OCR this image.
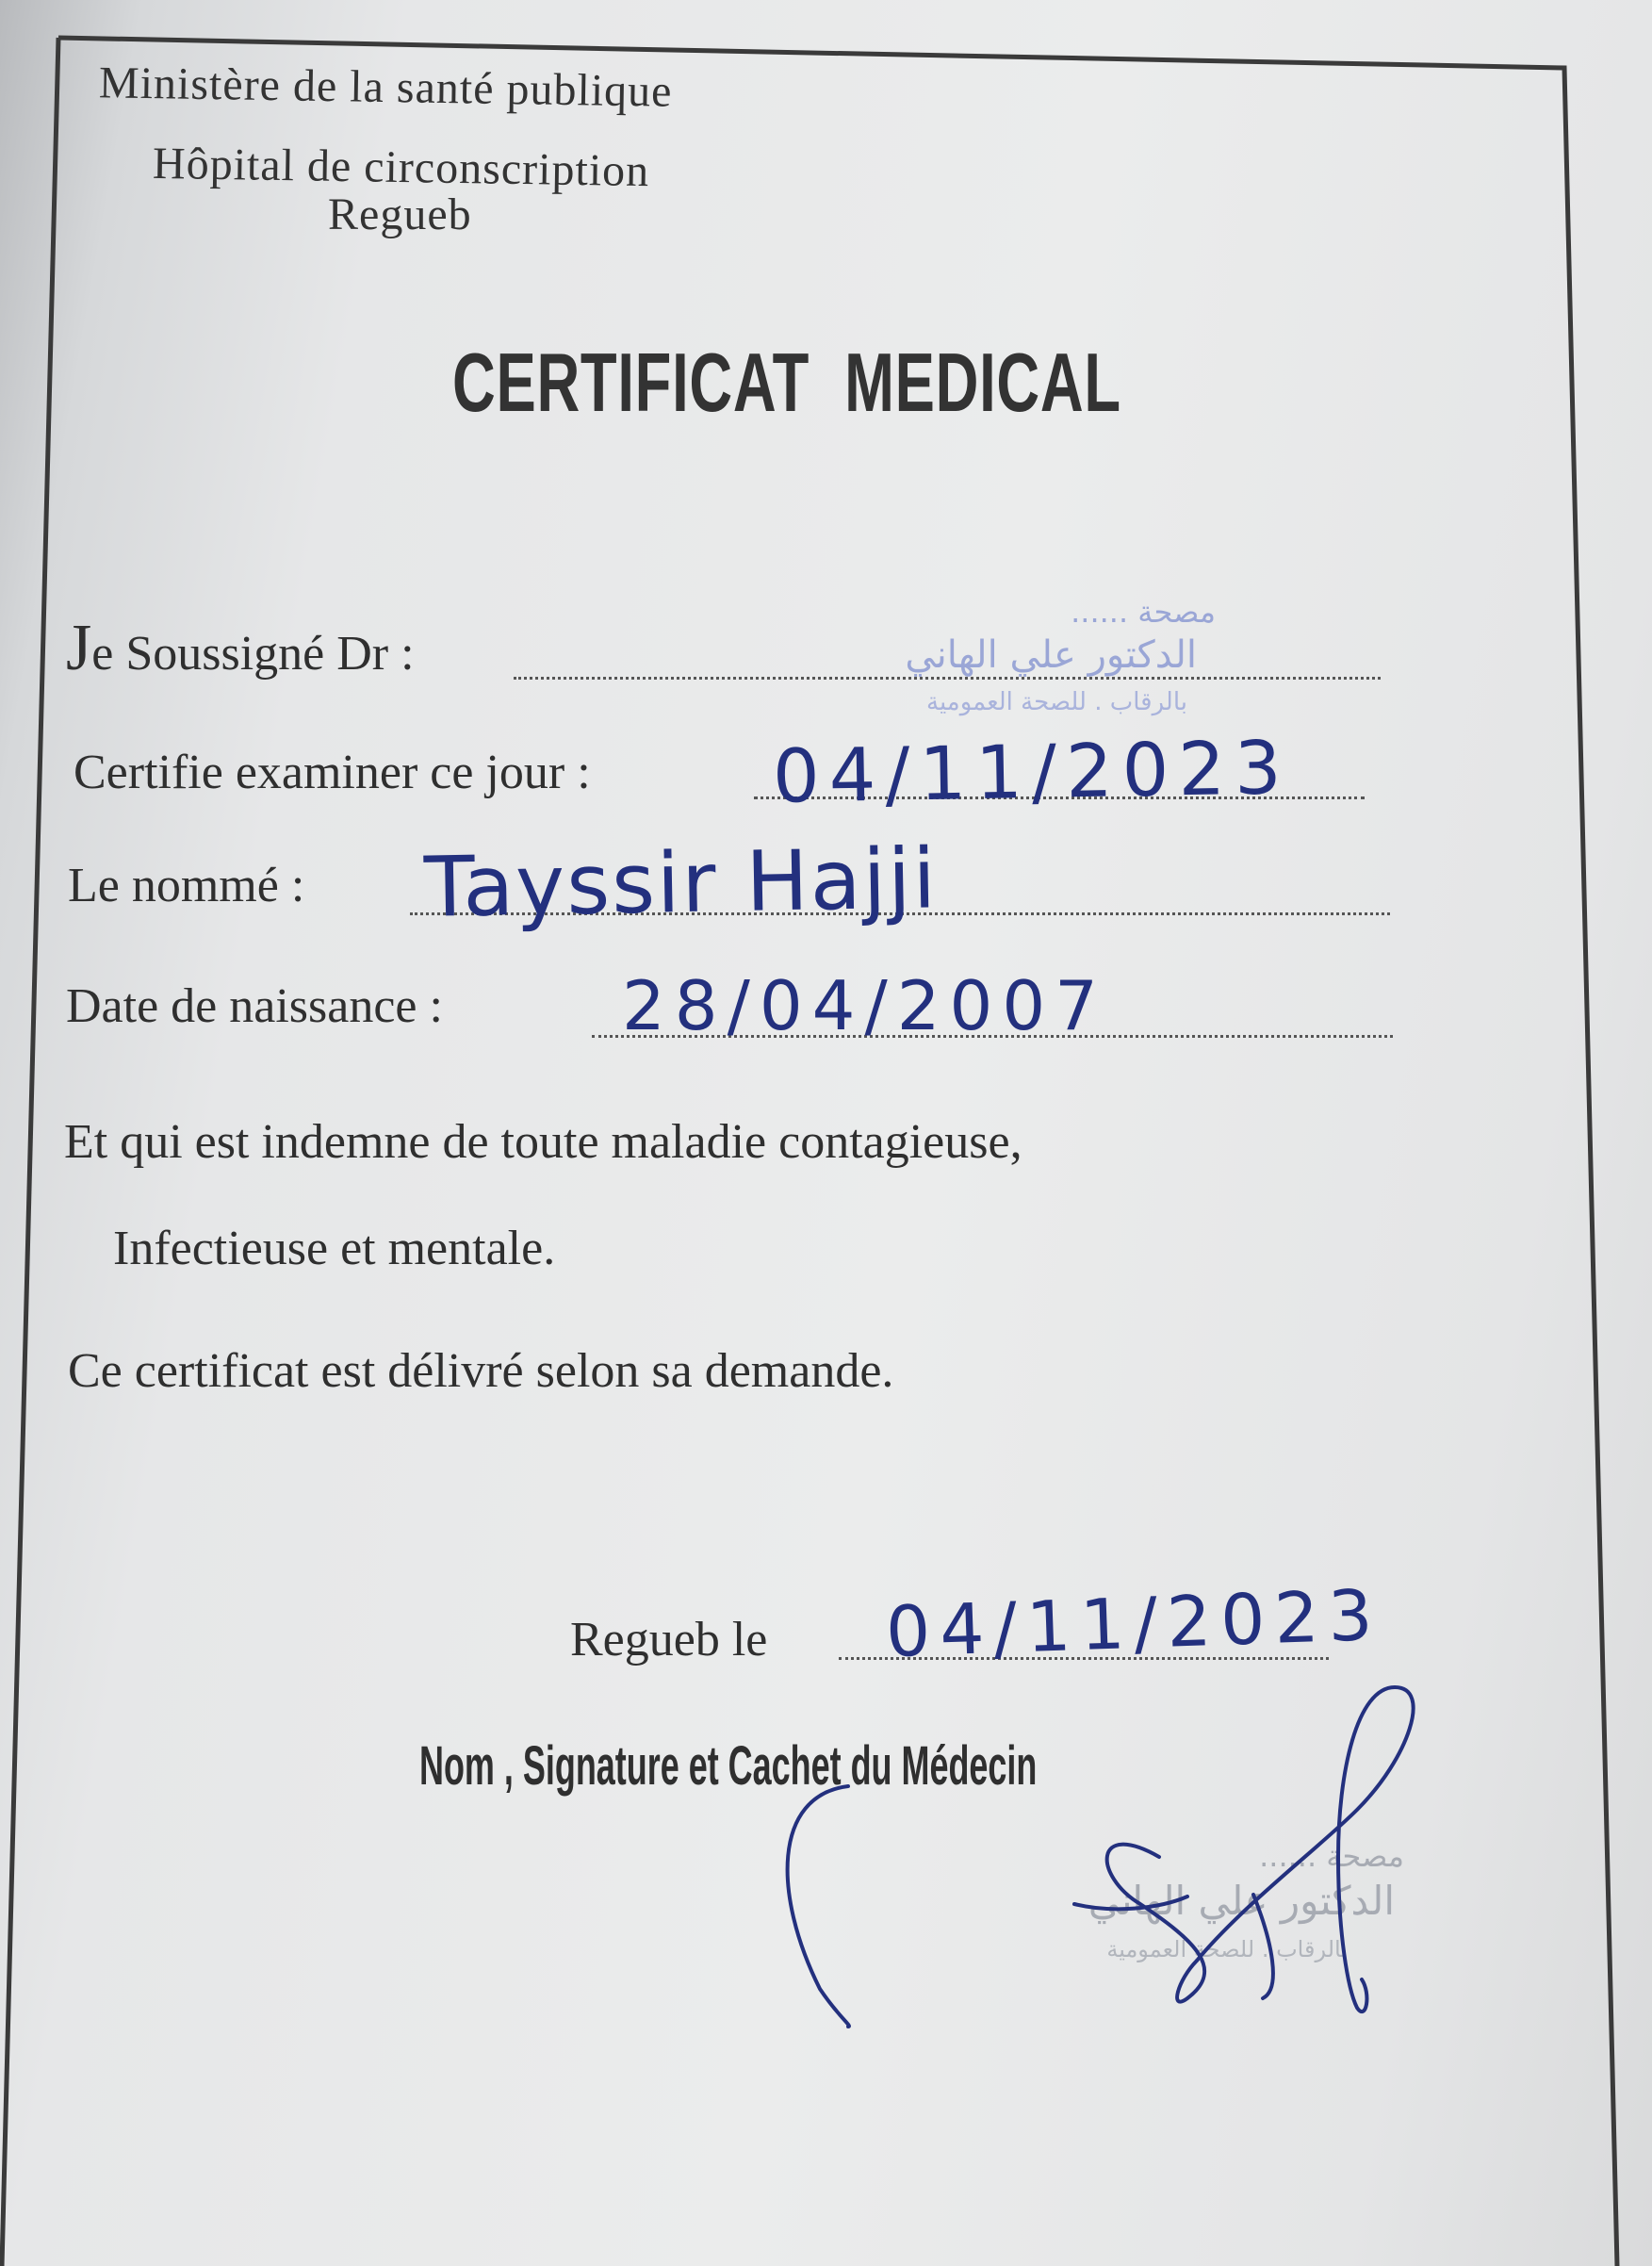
Ministère de la santé publique
Hôpital de circonscription
Regueb
CERTIFICAT MEDICAL
Je Soussigné Dr :
مصحة ......
الدكتور علي الهاني
بالرقاب . للصحة العمومية
Certifie examiner ce jour : 04/11/2023
Le nommé : Tayssir Hajji
Date de naissance :	28/04/2007
Et qui est indemne de toute maladie contagieuse,
Infectieuse et mentale.
Ce certificat est délivré selon sa demande.
Regueb le 04/11/2023
Nom , Signature et Cachet du Médecin
مصحة ......
الدكتور علي الهاني
بالرقاب . للصحة العمومية
